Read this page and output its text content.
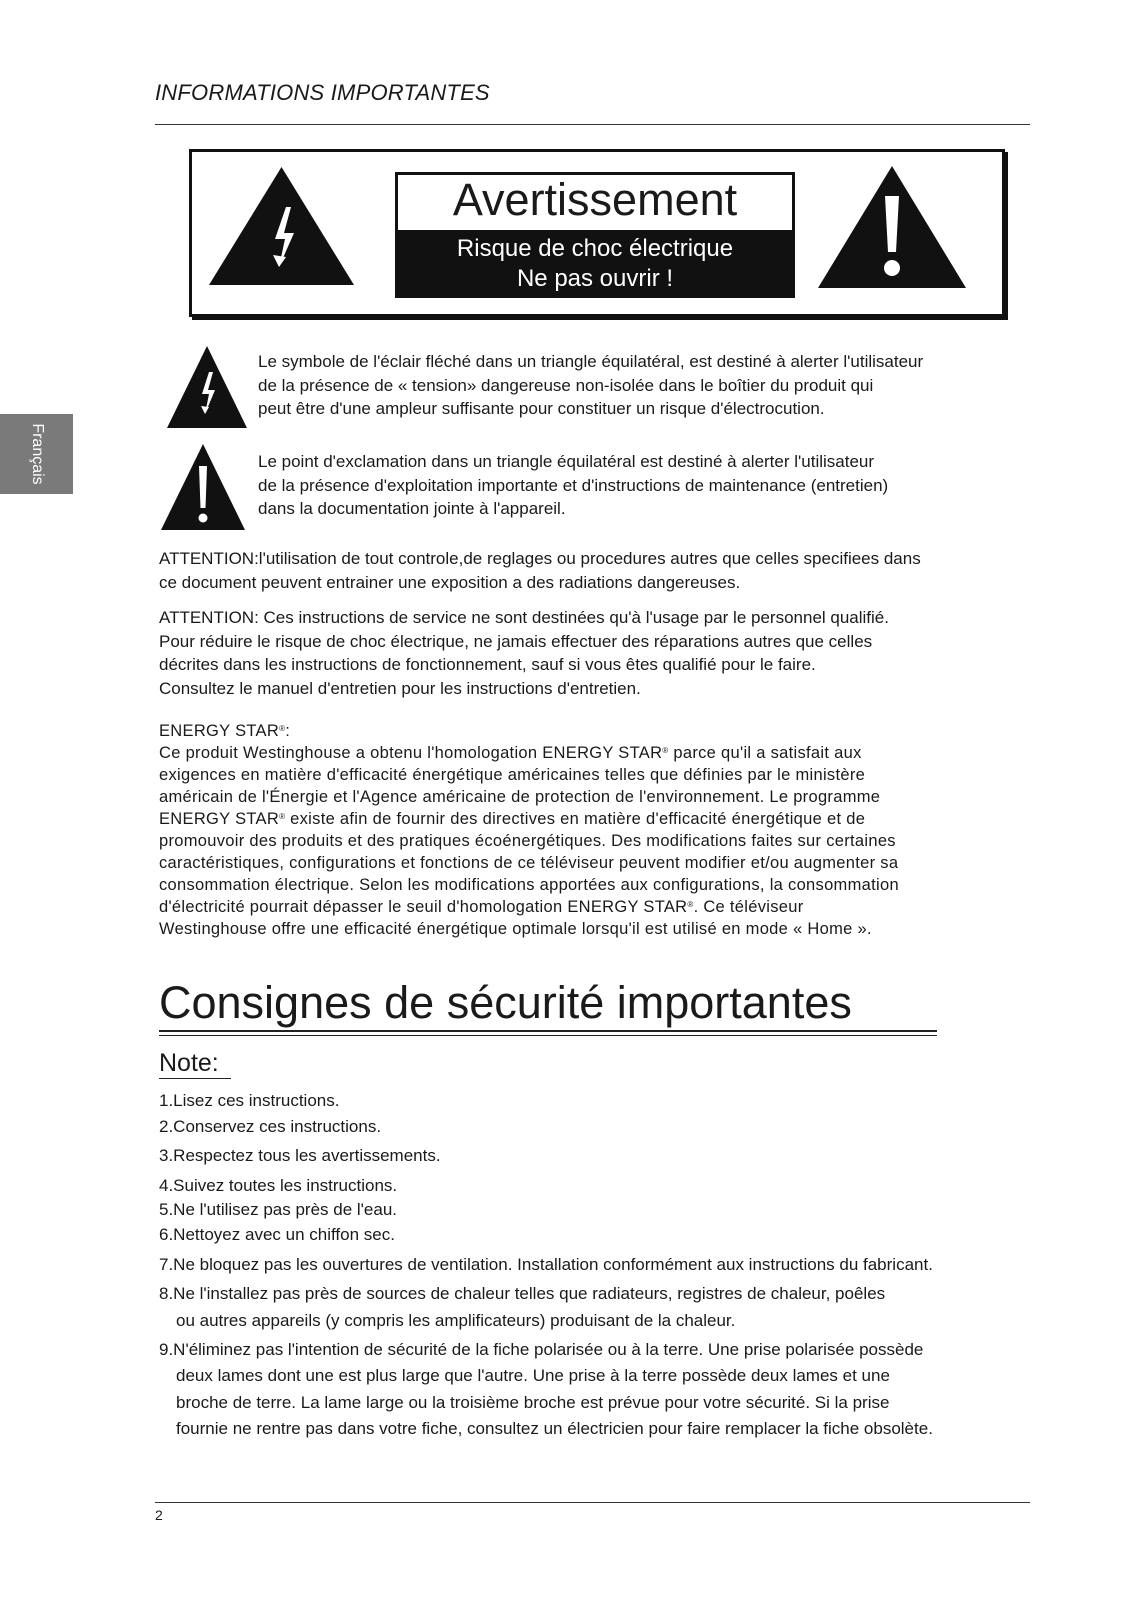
INFORMATIONS IMPORTANTES
Français
Avertissement
Risque de choc électrique
Ne pas ouvrir !
Le symbole de l'éclair fléché dans un triangle équilatéral, est destiné à alerter l'utilisateur
de la présence de « tension» dangereuse non-isolée dans le boîtier du produit qui
peut être d'une ampleur suffisante pour constituer un risque d'électrocution.
Le point d'exclamation dans un triangle équilatéral est destiné à alerter l'utilisateur
de la présence d'exploitation importante et d'instructions de maintenance (entretien)
dans la documentation jointe à l'appareil.
ATTENTION:l'utilisation de tout controle,de reglages ou procedures autres que celles specifiees dans
ce document peuvent entrainer une exposition a des radiations dangereuses.
ATTENTION: Ces instructions de service ne sont destinées qu'à l'usage par le personnel qualifié.
Pour réduire le risque de choc électrique, ne jamais effectuer des réparations autres que celles
décrites dans les instructions de fonctionnement, sauf si vous êtes qualifié pour le faire.
Consultez le manuel d'entretien pour les instructions d'entretien.
ENERGY STAR®:
Ce produit Westinghouse a obtenu l'homologation ENERGY STAR® parce qu'il a satisfait aux
exigences en matière d'efficacité énergétique américaines telles que définies par le ministère
américain de l'Énergie et l'Agence américaine de protection de l'environnement. Le programme
ENERGY STAR® existe afin de fournir des directives en matière d'efficacité énergétique et de
promouvoir des produits et des pratiques écoénergétiques. Des modifications faites sur certaines
caractéristiques, configurations et fonctions de ce téléviseur peuvent modifier et/ou augmenter sa
consommation électrique. Selon les modifications apportées aux configurations, la consommation
d'électricité pourrait dépasser le seuil d'homologation ENERGY STAR®. Ce téléviseur
Westinghouse offre une efficacité énergétique optimale lorsqu'il est utilisé en mode « Home ».
Consignes de sécurité importantes
Note:
1.Lisez ces instructions.
2.Conservez ces instructions.
3.Respectez tous les avertissements.
4.Suivez toutes les instructions.
5.Ne l'utilisez pas près de l'eau.
6.Nettoyez avec un chiffon sec.
7.Ne bloquez pas les ouvertures de ventilation. Installation conformément aux instructions du fabricant.
8.Ne l'installez pas près de sources de chaleur telles que radiateurs, registres de chaleur, poêles
ou autres appareils (y compris les amplificateurs) produisant de la chaleur.
9.N'éliminez pas l'intention de sécurité de la fiche polarisée ou à la terre. Une prise polarisée possède
deux lames dont une est plus large que l'autre. Une prise à la terre possède deux lames et une
broche de terre. La lame large ou la troisième broche est prévue pour votre sécurité. Si la prise
fournie ne rentre pas dans votre fiche, consultez un électricien pour faire remplacer la fiche obsolète.
2
